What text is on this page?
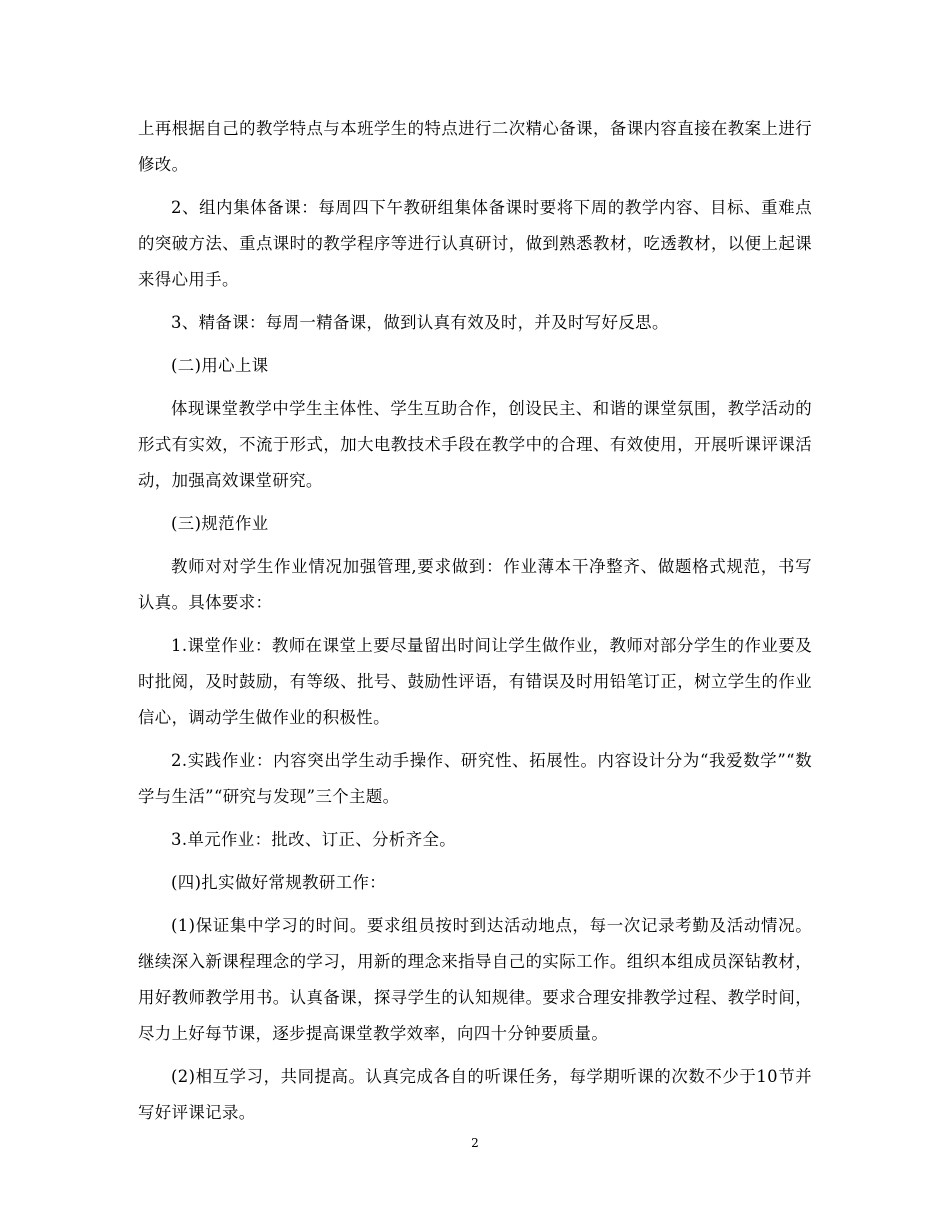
上再根据自己的教学特点与本班学生的特点进行二次精心备课，备课内容直接在教案上进行修改。

2、组内集体备课：每周四下午教研组集体备课时要将下周的教学内容、目标、重难点的突破方法、重点课时的教学程序等进行认真研讨，做到熟悉教材，吃透教材，以便上起课来得心用手。

3、精备课：每周一精备课，做到认真有效及时，并及时写好反思。

(二)用心上课

体现课堂教学中学生主体性、学生互助合作，创设民主、和谐的课堂氛围，教学活动的形式有实效，不流于形式，加大电教技术手段在教学中的合理、有效使用，开展听课评课活动，加强高效课堂研究。

(三)规范作业

教师对对学生作业情况加强管理,要求做到：作业薄本干净整齐、做题格式规范，书写认真。具体要求：

1.课堂作业：教师在课堂上要尽量留出时间让学生做作业，教师对部分学生的作业要及时批阅，及时鼓励，有等级、批号、鼓励性评语，有错误及时用铅笔订正，树立学生的作业信心，调动学生做作业的积极性。

2.实践作业：内容突出学生动手操作、研究性、拓展性。内容设计分为“我爱数学”“数学与生活”“研究与发现”三个主题。

3.单元作业：批改、订正、分析齐全。

(四)扎实做好常规教研工作：

(1)保证集中学习的时间。要求组员按时到达活动地点，每一次记录考勤及活动情况。继续深入新课程理念的学习，用新的理念来指导自己的实际工作。组织本组成员深钻教材，用好教师教学用书。认真备课，探寻学生的认知规律。要求合理安排教学过程、教学时间，尽力上好每节课，逐步提高课堂教学效率，向四十分钟要质量。

(2)相互学习，共同提高。认真完成各自的听课任务，每学期听课的次数不少于10节并写好评课记录。

2
